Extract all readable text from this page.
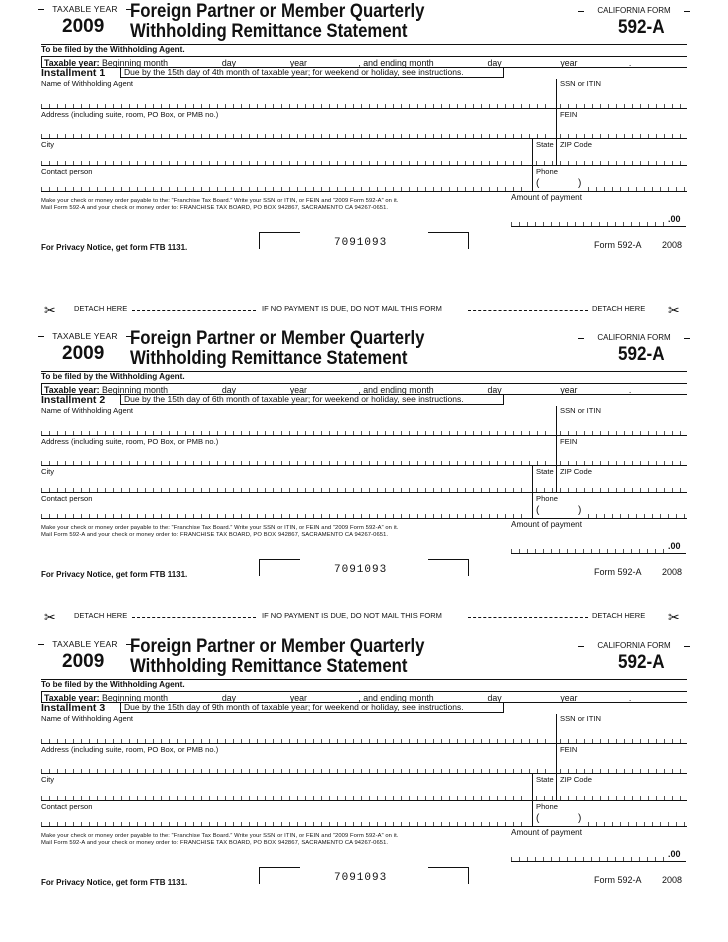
TAXABLE YEAR
2009
Foreign Partner or Member Quarterly
Withholding Remittance Statement
CALIFORNIA FORM
592-A
To be filed by the Withholding Agent.
Taxable year: Beginning month __________ day __________ year __________, and ending month __________ day ___________ year __________.
Installment 1	Due by the 15th day of 4th month of taxable year; for weekend or holiday, see instructions.
Name of Withholding Agent	SSN or ITIN
Address (including suite, room, PO Box, or PMB no.)	FEIN
City	State ZIP Code
Contact person	Phone
(	)
Make your check or money order payable to the: “Franchise Tax Board.” Write your SSN or ITIN, or FEIN and “2009 Form 592-A” on it.
Mail Form 592-A and your check or money order to: FRANCHISE TAX BOARD, PO BOX 942867, SACRAMENTO CA 94267-0651.
Amount of payment
.00
For Privacy Notice, get form FTB 1131.	7091093	Form 592-A 2008
✂ DETACH HERE	IF NO PAYMENT IS DUE, DO NOT MAIL THIS FORM	DETACH HERE ✂
TAXABLE YEAR
2009
Foreign Partner or Member Quarterly
Withholding Remittance Statement
CALIFORNIA FORM
592-A
To be filed by the Withholding Agent.
Taxable year: Beginning month __________ day __________ year __________, and ending month __________ day ___________ year __________.
Installment 2	Due by the 15th day of 6th month of taxable year; for weekend or holiday, see instructions.
Name of Withholding Agent	SSN or ITIN
Address (including suite, room, PO Box, or PMB no.)	FEIN
City	State ZIP Code
Contact person	Phone
(	)
Make your check or money order payable to the: “Franchise Tax Board.” Write your SSN or ITIN, or FEIN and “2009 Form 592-A” on it.
Mail Form 592-A and your check or money order to: FRANCHISE TAX BOARD, PO BOX 942867, SACRAMENTO CA 94267-0651.
Amount of payment
.00
For Privacy Notice, get form FTB 1131.	7091093	Form 592-A 2008
✂ DETACH HERE	IF NO PAYMENT IS DUE, DO NOT MAIL THIS FORM	DETACH HERE ✂
TAXABLE YEAR
2009
Foreign Partner or Member Quarterly
Withholding Remittance Statement
CALIFORNIA FORM
592-A
To be filed by the Withholding Agent.
Taxable year: Beginning month __________ day __________ year __________, and ending month __________ day ___________ year __________.
Installment 3	Due by the 15th day of 9th month of taxable year; for weekend or holiday, see instructions.
Name of Withholding Agent	SSN or ITIN
Address (including suite, room, PO Box, or PMB no.)	FEIN
City	State ZIP Code
Contact person	Phone
(	)
Make your check or money order payable to the: “Franchise Tax Board.” Write your SSN or ITIN, or FEIN and “2009 Form 592-A” on it.
Mail Form 592-A and your check or money order to: FRANCHISE TAX BOARD, PO BOX 942867, SACRAMENTO CA 94267-0651.
Amount of payment
.00
For Privacy Notice, get form FTB 1131.	7091093	Form 592-A 2008
